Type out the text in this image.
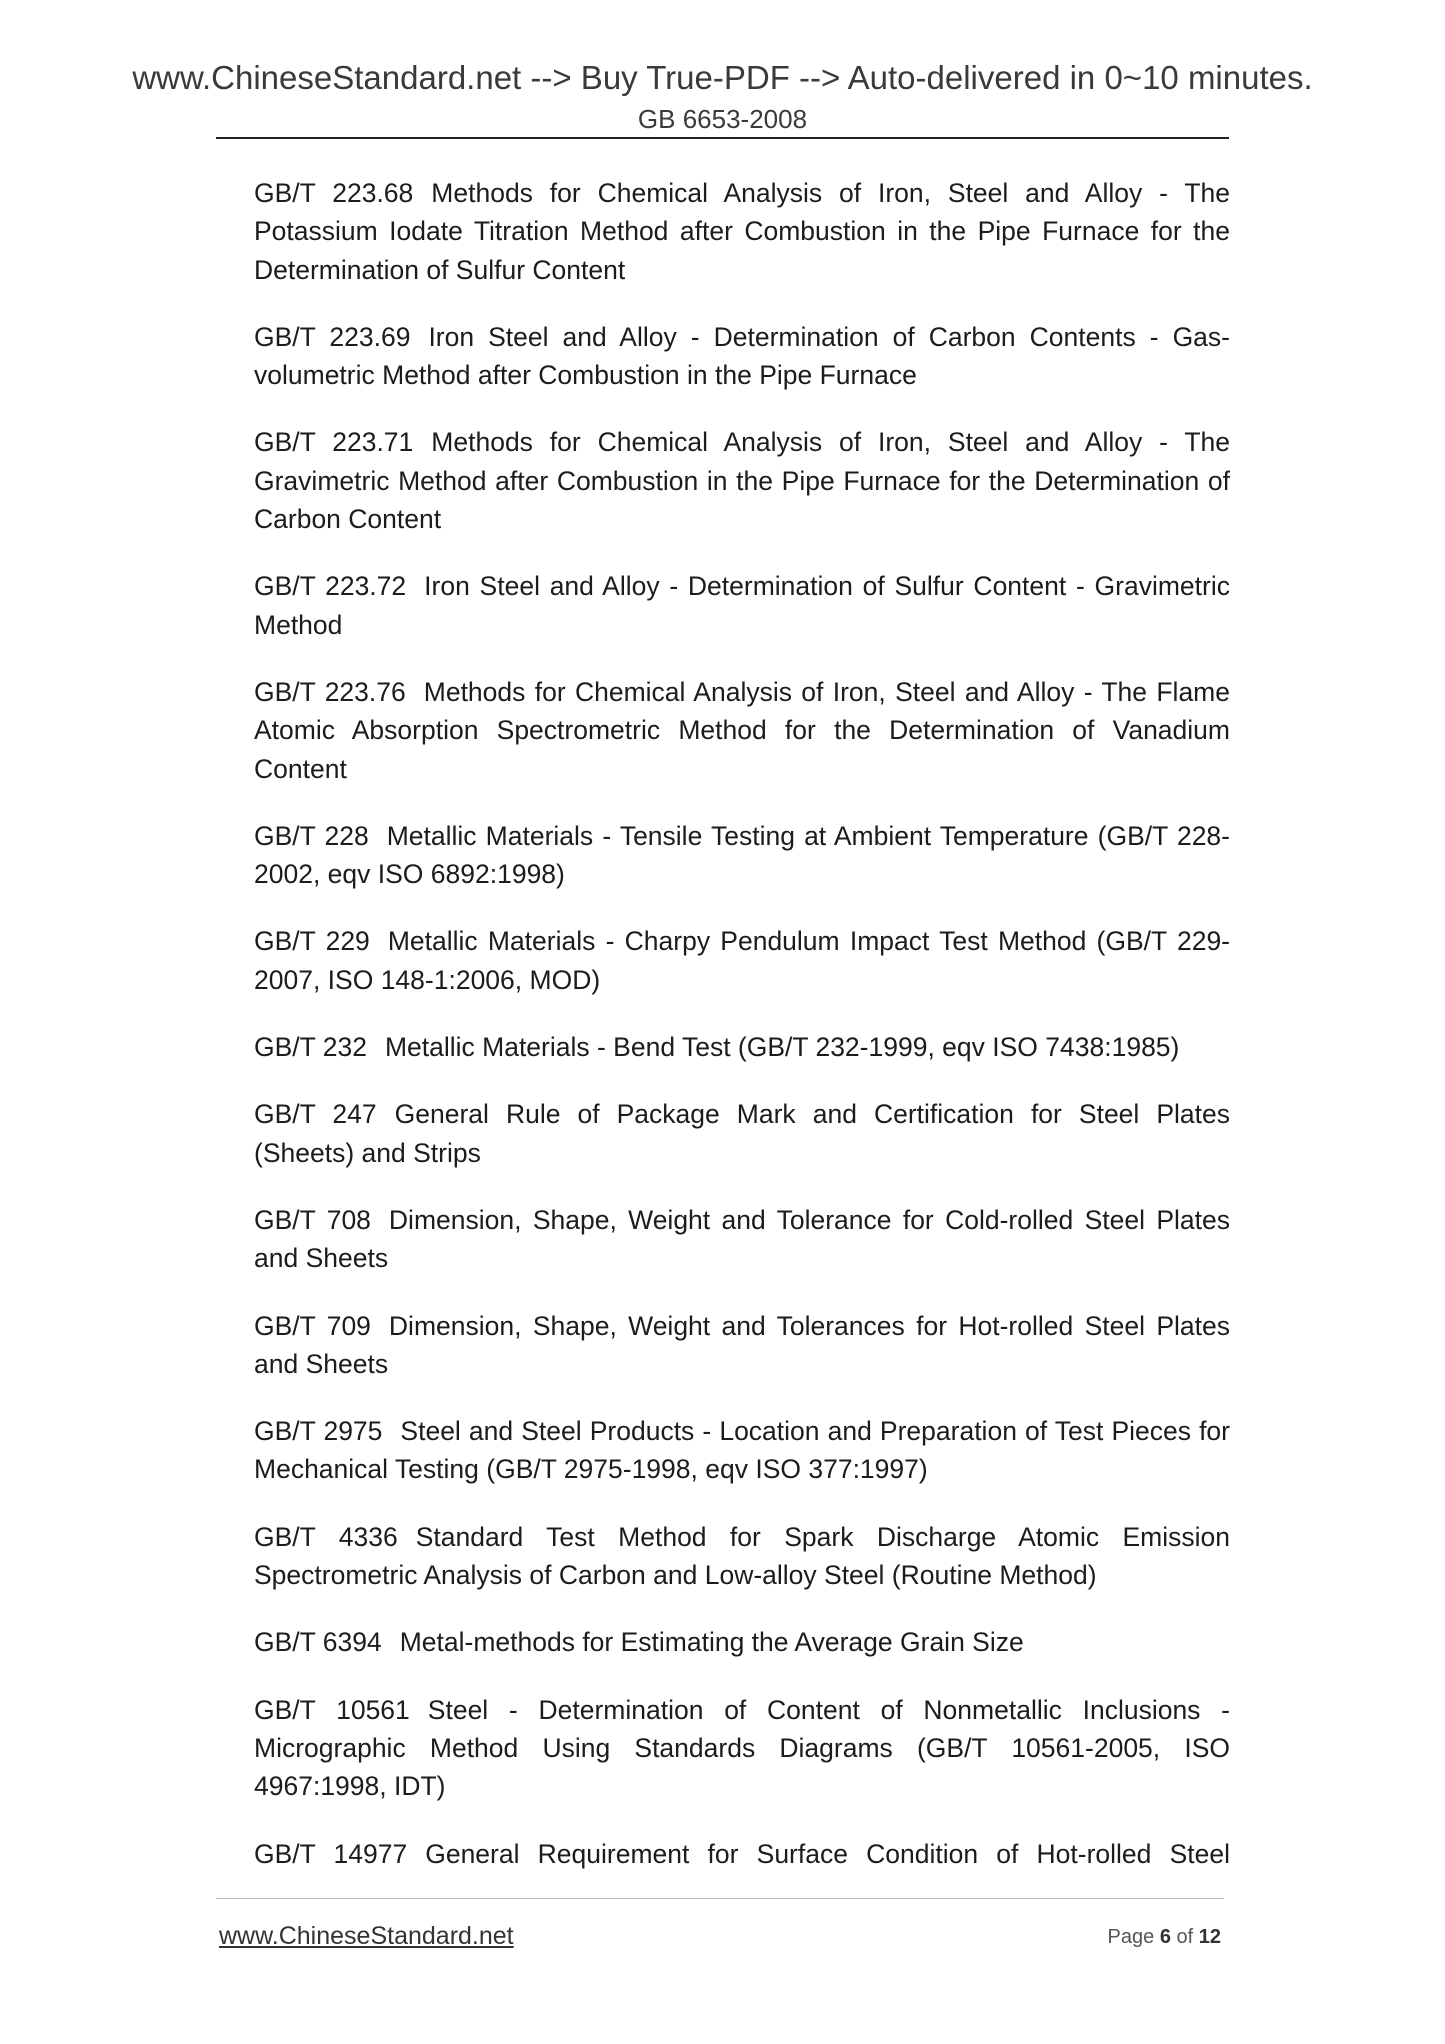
www.ChineseStandard.net --> Buy True-PDF --> Auto-delivered in 0~10 minutes.
GB 6653-2008

GB/T 223.68 Methods for Chemical Analysis of Iron, Steel and Alloy - The Potassium Iodate Titration Method after Combustion in the Pipe Furnace for the Determination of Sulfur Content

GB/T 223.69 Iron Steel and Alloy - Determination of Carbon Contents - Gas-volumetric Method after Combustion in the Pipe Furnace

GB/T 223.71 Methods for Chemical Analysis of Iron, Steel and Alloy - The Gravimetric Method after Combustion in the Pipe Furnace for the Determination of Carbon Content

GB/T 223.72 Iron Steel and Alloy - Determination of Sulfur Content - Gravimetric Method

GB/T 223.76 Methods for Chemical Analysis of Iron, Steel and Alloy - The Flame Atomic Absorption Spectrometric Method for the Determination of Vanadium Content

GB/T 228 Metallic Materials - Tensile Testing at Ambient Temperature (GB/T 228-2002, eqv ISO 6892:1998)

GB/T 229 Metallic Materials - Charpy Pendulum Impact Test Method (GB/T 229-2007, ISO 148-1:2006, MOD)

GB/T 232 Metallic Materials - Bend Test (GB/T 232-1999, eqv ISO 7438:1985)

GB/T 247 General Rule of Package Mark and Certification for Steel Plates (Sheets) and Strips

GB/T 708 Dimension, Shape, Weight and Tolerance for Cold-rolled Steel Plates and Sheets

GB/T 709 Dimension, Shape, Weight and Tolerances for Hot-rolled Steel Plates and Sheets

GB/T 2975 Steel and Steel Products - Location and Preparation of Test Pieces for Mechanical Testing (GB/T 2975-1998, eqv ISO 377:1997)

GB/T 4336 Standard Test Method for Spark Discharge Atomic Emission Spectrometric Analysis of Carbon and Low-alloy Steel (Routine Method)

GB/T 6394 Metal-methods for Estimating the Average Grain Size

GB/T 10561 Steel - Determination of Content of Nonmetallic Inclusions - Micrographic Method Using Standards Diagrams (GB/T 10561-2005, ISO 4967:1998, IDT)

GB/T 14977 General Requirement for Surface Condition of Hot-rolled Steel

www.ChineseStandard.net	Page 6 of 12
